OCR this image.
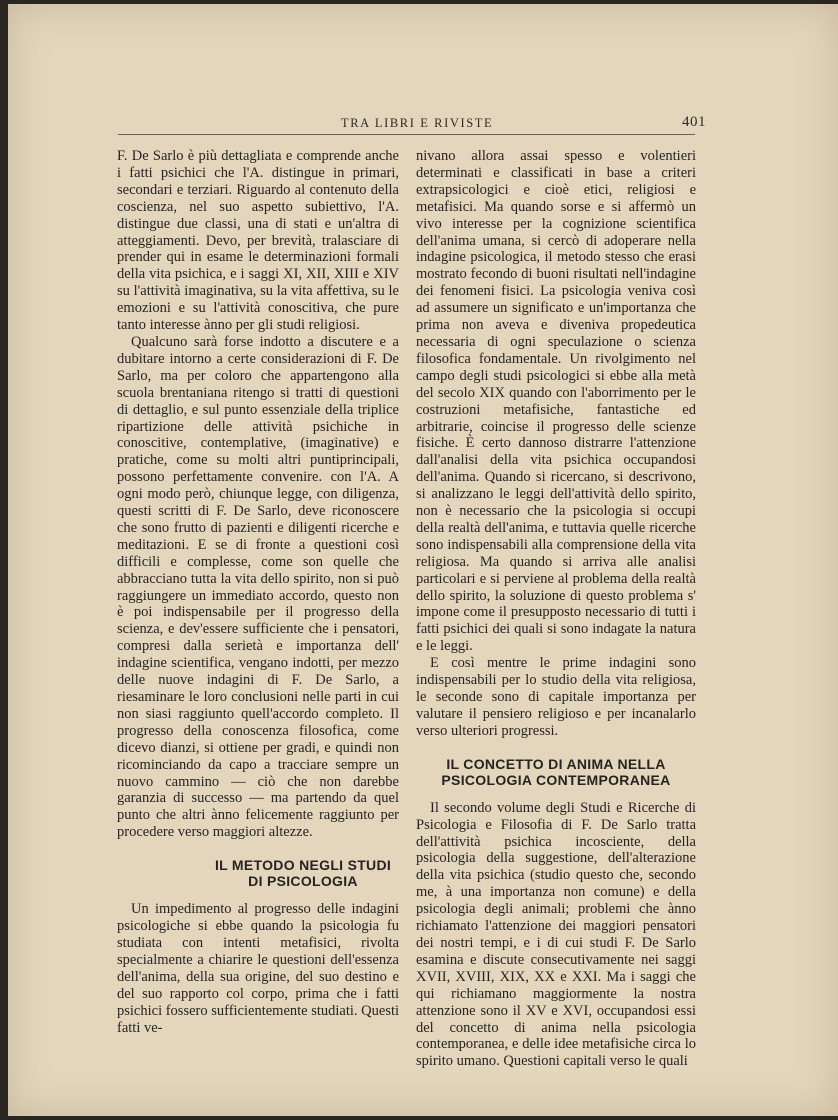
TRA LIBRI E RIVISTE	401

F. De Sarlo è più dettagliata e comprende anche i fatti psichici che l'A. distingue in primari, secondari e terziari. Riguardo al contenuto della coscienza, nel suo aspetto subiettivo, l'A. distingue due classi, una di stati e un'altra di atteggiamenti. Devo, per brevità, tralasciare di prender qui in esame le determinazioni formali della vita psichica, e i saggi XI, XII, XIII e XIV su l'attività imaginativa, su la vita affettiva, su le emozioni e su l'attività conoscitiva, che pure tanto interesse ànno per gli studi religiosi.

Qualcuno sarà forse indotto a discutere e a dubitare intorno a certe considerazioni di F. De Sarlo, ma per coloro che appartengono alla scuola brentaniana ritengo si tratti di questioni di dettaglio, e sul punto essenziale della triplice ripartizione delle attività psichiche in conoscitive, contemplative, (imaginative) e pratiche, come su molti altri puntiprincipali, possono perfettamente convenire. con l'A. A ogni modo però, chiunque legge, con diligenza, questi scritti di F. De Sarlo, deve riconoscere che sono frutto di pazienti e diligenti ricerche e meditazioni. E se di fronte a questioni così difficili e complesse, come son quelle che abbracciano tutta la vita dello spirito, non si può raggiungere un immediato accordo, questo non è poi indispensabile per il progresso della scienza, e dev'essere sufficiente che i pensatori, compresi dalla serietà e importanza dell' indagine scientifica, vengano indotti, per mezzo delle nuove indagini di F. De Sarlo, a riesaminare le loro conclusioni nelle parti in cui non siasi raggiunto quell'accordo completo. Il progresso della conoscenza filosofica, come dicevo dianzi, si ottiene per gradi, e quindi non ricominciando da capo a tracciare sempre un nuovo cammino — ciò che non darebbe garanzia di successo — ma partendo da quel punto che altri ànno felicemente raggiunto per procedere verso maggiori altezze.

IL METODO NEGLI STUDI
DI PSICOLOGIA

Un impedimento al progresso delle indagini psicologiche si ebbe quando la psicologia fu studiata con intenti metafisici, rivolta specialmente a chiarire le questioni dell'essenza dell'anima, della sua origine, del suo destino e del suo rapporto col corpo, prima che i fatti psichici fossero sufficientemente studiati. Questi fatti ve-

nivano allora assai spesso e volentieri determinati e classificati in base a criteri extrapsicologici e cioè etici, religiosi e metafisici. Ma quando sorse e si affermò un vivo interesse per la cognizione scientifica dell'anima umana, si cercò di adoperare nella indagine psicologica, il metodo stesso che erasi mostrato fecondo di buoni risultati nell'indagine dei fenomeni fisici. La psicologia veniva così ad assumere un significato e un'importanza che prima non aveva e diveniva propedeutica necessaria di ogni speculazione o scienza filosofica fondamentale. Un rivolgimento nel campo degli studi psicologici si ebbe alla metà del secolo XIX quando con l'aborrimento per le costruzioni metafisiche, fantastiche ed arbitrarie, coincise il progresso delle scienze fisiche. È certo dannoso distrarre l'attenzione dall'analisi della vita psichica occupandosi dell'anima. Quando si ricercano, si descrivono, si analizzano le leggi dell'attività dello spirito, non è necessario che la psicologia si occupi della realtà dell'anima, e tuttavia quelle ricerche sono indispensabili alla comprensione della vita religiosa. Ma quando si arriva alle analisi particolari e si perviene al problema della realtà dello spirito, la soluzione di questo problema s' impone come il presupposto necessario di tutti i fatti psichici dei quali si sono indagate la natura e le leggi.

E così mentre le prime indagini sono indispensabili per lo studio della vita religiosa, le seconde sono di capitale importanza per valutare il pensiero religioso e per incanalarlo verso ulteriori progressi.

IL CONCETTO DI ANIMA NELLA
PSICOLOGIA CONTEMPORANEA

Il secondo volume degli Studi e Ricerche di Psicologia e Filosofia di F. De Sarlo tratta dell'attività psichica incosciente, della psicologia della suggestione, dell'alterazione della vita psichica (studio questo che, secondo me, à una importanza non comune) e della psicologia degli animali; problemi che ànno richiamato l'attenzione dei maggiori pensatori dei nostri tempi, e i di cui studi F. De Sarlo esamina e discute consecutivamente nei saggi XVII, XVIII, XIX, XX e XXI. Ma i saggi che qui richiamano maggiormente la nostra attenzione sono il XV e XVI, occupandosi essi del concetto di anima nella psicologia contemporanea, e delle idee metafisiche circa lo spirito umano. Questioni capitali verso le quali
